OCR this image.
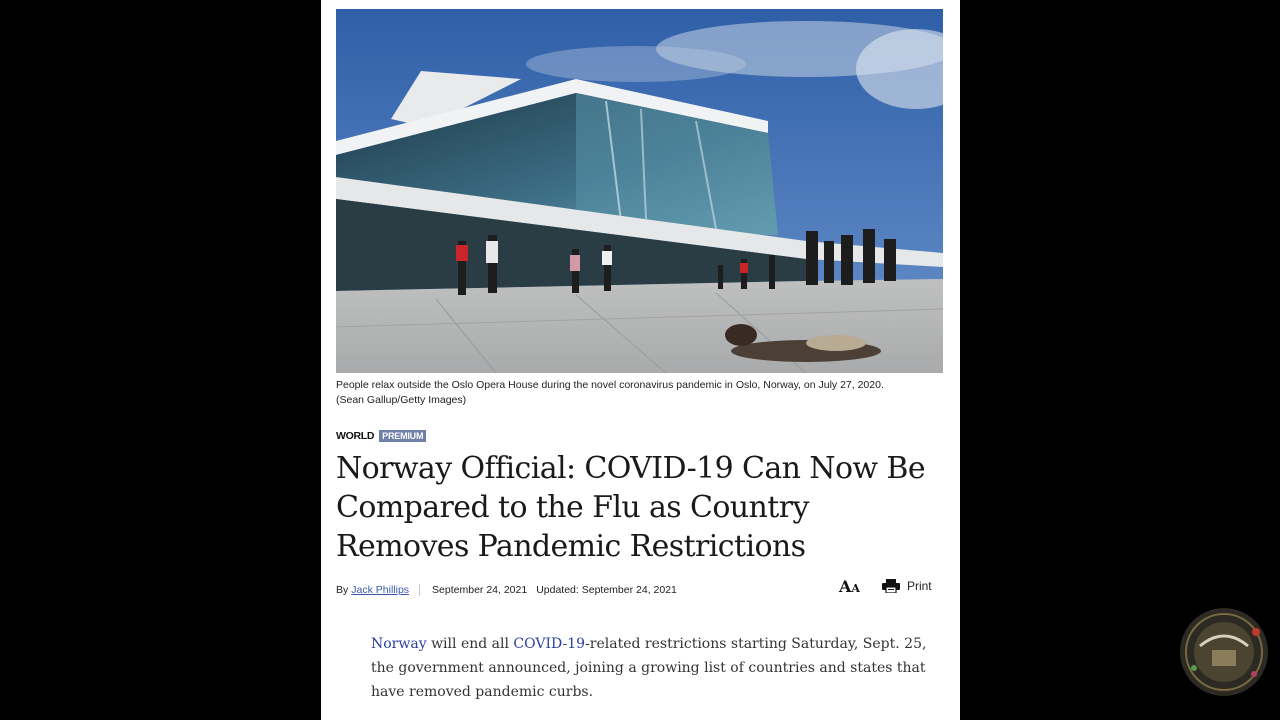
People relax outside the Oslo Opera House during the novel coronavirus pandemic in Oslo, Norway, on July 27, 2020.
(Sean Gallup/Getty Images)
WORLD PREMIUM
Norway Official: COVID-19 Can Now Be Compared to the Flu as Country Removes Pandemic Restrictions
By Jack Phillips September 24, 2021 Updated: September 24, 2021	A A	Print

Norway will end all COVID-19-related restrictions starting Saturday, Sept. 25, the government announced, joining a growing list of countries and states that have removed pandemic curbs.
